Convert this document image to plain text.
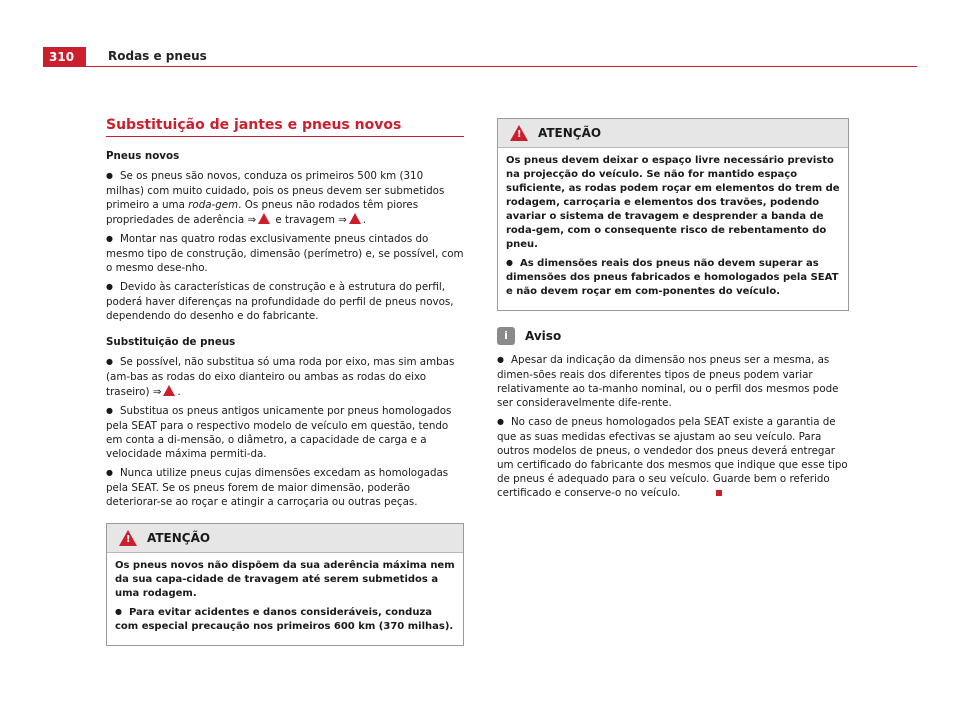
310	Rodas e pneus
Substituição de jantes e pneus novos
Pneus novos

● Se os pneus são novos, conduza os primeiros 500 km (310 milhas) com muito cuidado, pois os pneus devem ser submetidos primeiro a uma roda-gem. Os pneus não rodados têm piores propriedades de aderência ⇒ e travagem ⇒ .

● Montar nas quatro rodas exclusivamente pneus cintados do mesmo tipo de construção, dimensão (perímetro) e, se possível, com o mesmo dese-nho.

● Devido às características de construção e à estrutura do perfil, poderá haver diferenças na profundidade do perfil de pneus novos, dependendo do desenho e do fabricante.

Substituição de pneus

● Se possível, não substitua só uma roda por eixo, mas sim ambas (am-bas as rodas do eixo dianteiro ou ambas as rodas do eixo traseiro) ⇒ .

● Substitua os pneus antigos unicamente por pneus homologados pela SEAT para o respectivo modelo de veículo em questão, tendo em conta a di-mensão, o diâmetro, a capacidade de carga e a velocidade máxima permiti-da.

● Nunca utilize pneus cujas dimensões excedam as homologadas pela SEAT. Se os pneus forem de maior dimensão, poderão deteriorar-se ao roçar e atingir a carroçaria ou outras peças.

!
ATENÇÃO

Os pneus novos não dispõem da sua aderência máxima nem da sua capa-cidade de travagem até serem submetidos a uma rodagem.

● Para evitar acidentes e danos consideráveis, conduza com especial precaução nos primeiros 600 km (370 milhas).

!
ATENÇÃO

Os pneus devem deixar o espaço livre necessário previsto na projecção do veículo. Se não for mantido espaço suficiente, as rodas podem roçar em elementos do trem de rodagem, carroçaria e elementos dos travões, podendo avariar o sistema de travagem e desprender a banda de roda-gem, com o consequente risco de rebentamento do pneu.

● As dimensões reais dos pneus não devem superar as dimensões dos pneus fabricados e homologados pela SEAT e não devem roçar em com-ponentes do veículo.

i	Aviso

● Apesar da indicação da dimensão nos pneus ser a mesma, as dimen-sões reais dos diferentes tipos de pneus podem variar relativamente ao ta-manho nominal, ou o perfil dos mesmos pode ser consideravelmente dife-rente.

● No caso de pneus homologados pela SEAT existe a garantia de que as suas medidas efectivas se ajustam ao seu veículo. Para outros modelos de pneus, o vendedor dos pneus deverá entregar um certificado do fabricante dos mesmos que indique que esse tipo de pneus é adequado para o seu veículo. Guarde bem o referido certificado e conserve-o no veículo.
